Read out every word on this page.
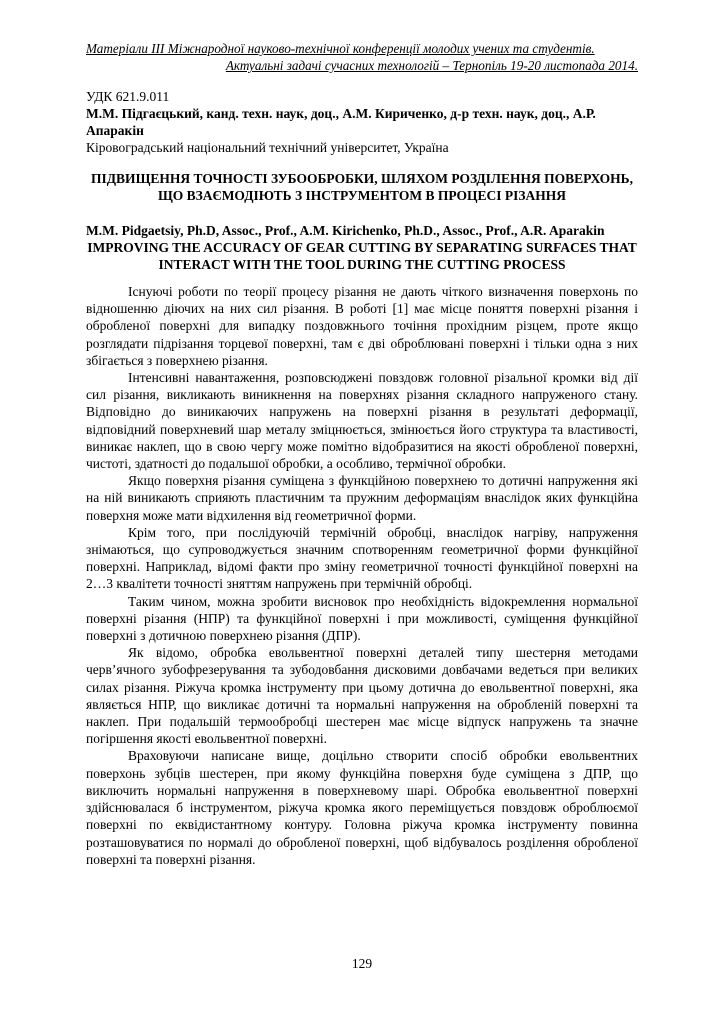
Матеріали ІІІ Міжнародної науково-технічної конференції молодих учених та студентів.
Актуальні задачі сучасних технологій – Тернопіль 19-20 листопада 2014.
УДК 621.9.011
М.М. Підгаєцький, канд. техн. наук, доц., А.М. Кириченко, д-р техн. наук, доц., А.Р. Апаракін
Кіровоградський національний технічний університет, Україна
ПІДВИЩЕННЯ ТОЧНОСТІ ЗУБООБРОБКИ, ШЛЯХОМ РОЗДІЛЕННЯ ПОВЕРХОНЬ, ЩО ВЗАЄМОДІЮТЬ З ІНСТРУМЕНТОМ В ПРОЦЕСІ РІЗАННЯ
M.M. Pidgaetsiy, Ph.D, Assoc., Prof., A.M. Kirichenko, Ph.D., Assoc., Prof., A.R. Aparakin
IMPROVING THE ACCURACY OF GEAR CUTTING BY SEPARATING SURFACES THAT INTERACT WITH THE TOOL DURING THE CUTTING PROCESS

Існуючі роботи по теорії процесу різання не дають чіткого визначення поверхонь по відношенню діючих на них сил різання. В роботі [1] має місце поняття поверхні різання і обробленої поверхні для випадку поздовжнього точіння прохідним різцем, проте якщо розглядати підрізання торцевої поверхні, там є дві оброблювані поверхні і тільки одна з них збігається з поверхнею різання.

Інтенсивні навантаження, розповсюджені повздовж головної різальної кромки від дії сил різання, викликають виникнення на поверхнях різання складного напруженого стану. Відповідно до виникаючих напружень на поверхні різання в результаті деформації, відповідний поверхневий шар металу зміцнюється, змінюється його структура та властивості, виникає наклеп, що в свою чергу може помітно відобразитися на якості обробленої поверхні, чистоті, здатності до подальшої обробки, а особливо, термічної обробки.

Якщо поверхня різання суміщена з функційною поверхнею то дотичні напруження які на ній виникають сприяють пластичним та пружним деформаціям внаслідок яких функційна поверхня може мати відхилення від геометричної форми.

Крім того, при послідуючій термічній обробці, внаслідок нагріву, напруження знімаються, що супроводжується значним спотворенням геометричної форми функційної поверхні. Наприклад, відомі факти про зміну геометричної точності функційної поверхні на 2…3 квалітети точності зняттям напружень при термічній обробці.

Таким чином, можна зробити висновок про необхідність відокремлення нормальної поверхні різання (НПР) та функційної поверхні і при можливості, суміщення функційної поверхні з дотичною поверхнею різання (ДПР).

Як відомо, обробка евольвентної поверхні деталей типу шестерня методами черв’ячного зубофрезерування та зубодовбання дисковими довбачами ведеться при великих силах різання. Ріжуча кромка інструменту при цьому дотична до евольвентної поверхні, яка являється НПР, що викликає дотичні та нормальні напруження на обробленій поверхні та наклеп. При подальшій термообробці шестерен має місце відпуск напружень та значне погіршення якості евольвентної поверхні.

Враховуючи написане вище, доцільно створити спосіб обробки евольвентних поверхонь зубців шестерен, при якому функційна поверхня буде суміщена з ДПР, що виключить нормальні напруження в поверхневому шарі. Обробка евольвентної поверхні здійснювалася б інструментом, ріжуча кромка якого переміщується повздовж оброблюємої поверхні по еквідистантному контуру. Головна ріжуча кромка інструменту повинна розташовуватися по нормалі до обробленої поверхні, щоб відбувалось розділення обробленої поверхні та поверхні різання.

129
